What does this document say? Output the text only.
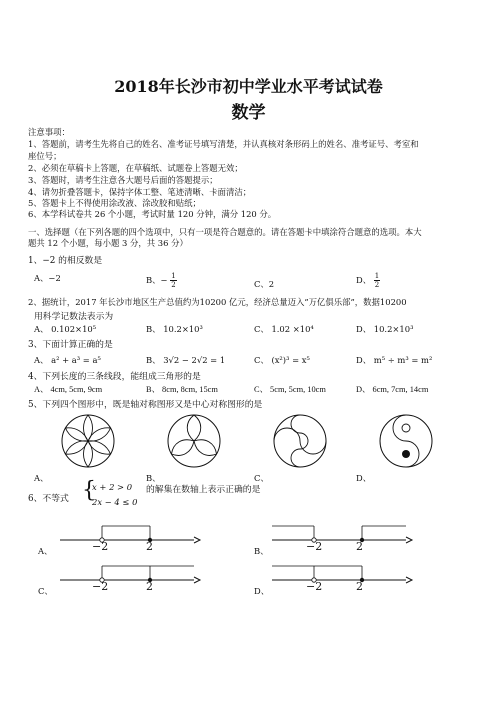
2018年长沙市初中学业水平考试试卷
数学
注意事项：
1、答题前，请考生先将自己的姓名、准考证号填写清楚，并认真核对条形码上的姓名、准考证号、考室和
座位号；
2、必须在草稿卡上答题，在草稿纸、试题卷上答题无效；
3、答题时，请考生注意各大题号后面的答题提示；
4、请勿折叠答题卡，保持字体工整、笔迹清晰、卡面清洁；
5、答题卡上不得使用涂改液、涂改胶和贴纸；
6、本学科试卷共 26 个小题，考试时量 120 分钟，满分 120 分。
一、选择题（在下列各题的四个选项中，只有一项是符合题意的。请在答题卡中填涂符合题意的选项。本大
题共 12 个小题，每小题 3 分，共 36 分）
1、−2 的相反数是
A、−2	B、− $\frac{1}{2}$	C、2	D、 $\frac{1}{2}$
2、据统计，2017 年长沙市地区生产总值约为10200 亿元，经济总量迈入”万亿俱乐部”，数据10200
用科学记数法表示为
A、 0.102×10⁵	B、 10.2×10³	C、 1.02 ×10⁴	D、 10.2×10³
3、下面计算正确的是
A、 a² + a³ = a⁵	B、 3√2 − 2√2 = 1	C、 (x²)³ = x⁵	D、 m⁵ ÷ m³ = m²
4、下列长度的三条线段，能组成三角形的是
A、 4cm, 5cm, 9cm	B、 8cm, 8cm, 15cm	C、 5cm, 5cm, 10cm	D、 6cm, 7cm, 14cm
5、下列四个图形中，既是轴对称图形又是中心对称图形的是
A、	B、	C、	D、
6、不等式 {
x + 2 > 0
2x − 4 ≤ 0
的解集在数轴上表示正确的是
A、	−2	2	B、	−2	2
C、	−2	2	D、	−2	2
